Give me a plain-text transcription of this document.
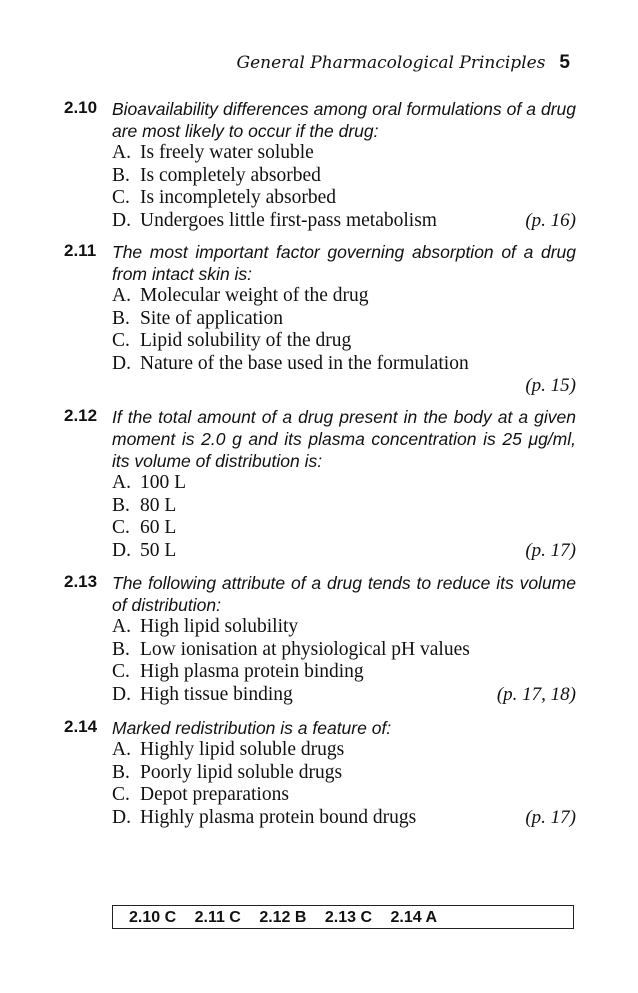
General Pharmacological Principles 5
2.10 Bioavailability differences among oral formulations of a drug are most likely to occur if the drug:
A. Is freely water soluble
B. Is completely absorbed
C. Is incompletely absorbed
D. Undergoes little first-pass metabolism	(p. 16)
2.11 The most important factor governing absorption of a drug from intact skin is:
A. Molecular weight of the drug
B. Site of application
C. Lipid solubility of the drug
D. Nature of the base used in the formulation
(p. 15)
2.12 If the total amount of a drug present in the body at a given moment is 2.0 g and its plasma concentration is 25 μg/ml, its volume of distribution is:
A. 100 L
B. 80 L
C. 60 L
D. 50 L	(p. 17)
2.13 The following attribute of a drug tends to reduce its volume of distribution:
A. High lipid solubility
B. Low ionisation at physiological pH values
C. High plasma protein binding
D. High tissue binding	(p. 17, 18)
2.14 Marked redistribution is a feature of:
A. Highly lipid soluble drugs
B. Poorly lipid soluble drugs
C. Depot preparations
D. Highly plasma protein bound drugs	(p. 17)
2.10 C 2.11 C 2.12 B 2.13 C 2.14 A
